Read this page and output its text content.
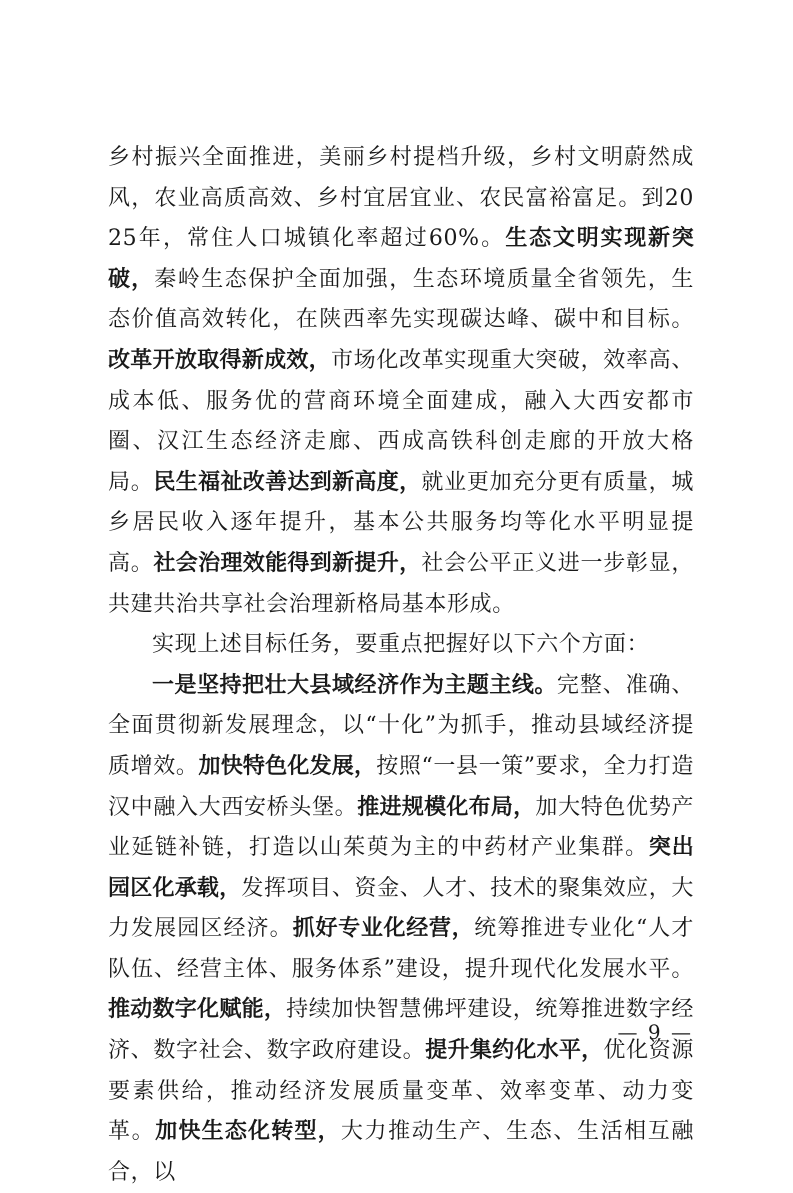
乡村振兴全面推进，美丽乡村提档升级，乡村文明蔚然成风，农业高质高效、乡村宜居宜业、农民富裕富足。到2025年，常住人口城镇化率超过60%。生态文明实现新突破，秦岭生态保护全面加强，生态环境质量全省领先，生态价值高效转化，在陕西率先实现碳达峰、碳中和目标。改革开放取得新成效，市场化改革实现重大突破，效率高、成本低、服务优的营商环境全面建成，融入大西安都市圈、汉江生态经济走廊、西成高铁科创走廊的开放大格局。民生福祉改善达到新高度，就业更加充分更有质量，城乡居民收入逐年提升，基本公共服务均等化水平明显提高。社会治理效能得到新提升，社会公平正义进一步彰显，共建共治共享社会治理新格局基本形成。

实现上述目标任务，要重点把握好以下六个方面：

一是坚持把壮大县域经济作为主题主线。完整、准确、全面贯彻新发展理念，以“十化”为抓手，推动县域经济提质增效。加快特色化发展，按照“一县一策”要求，全力打造汉中融入大西安桥头堡。推进规模化布局，加大特色优势产业延链补链，打造以山茱萸为主的中药材产业集群。突出园区化承载，发挥项目、资金、人才、技术的聚集效应，大力发展园区经济。抓好专业化经营，统筹推进专业化“人才队伍、经营主体、服务体系”建设，提升现代化发展水平。推动数字化赋能，持续加快智慧佛坪建设，统筹推进数字经济、数字社会、数字政府建设。提升集约化水平，优化资源要素供给，推动经济发展质量变革、效率变革、动力变革。加快生态化转型，大力推动生产、生态、生活相互融合，以

— 9 —
